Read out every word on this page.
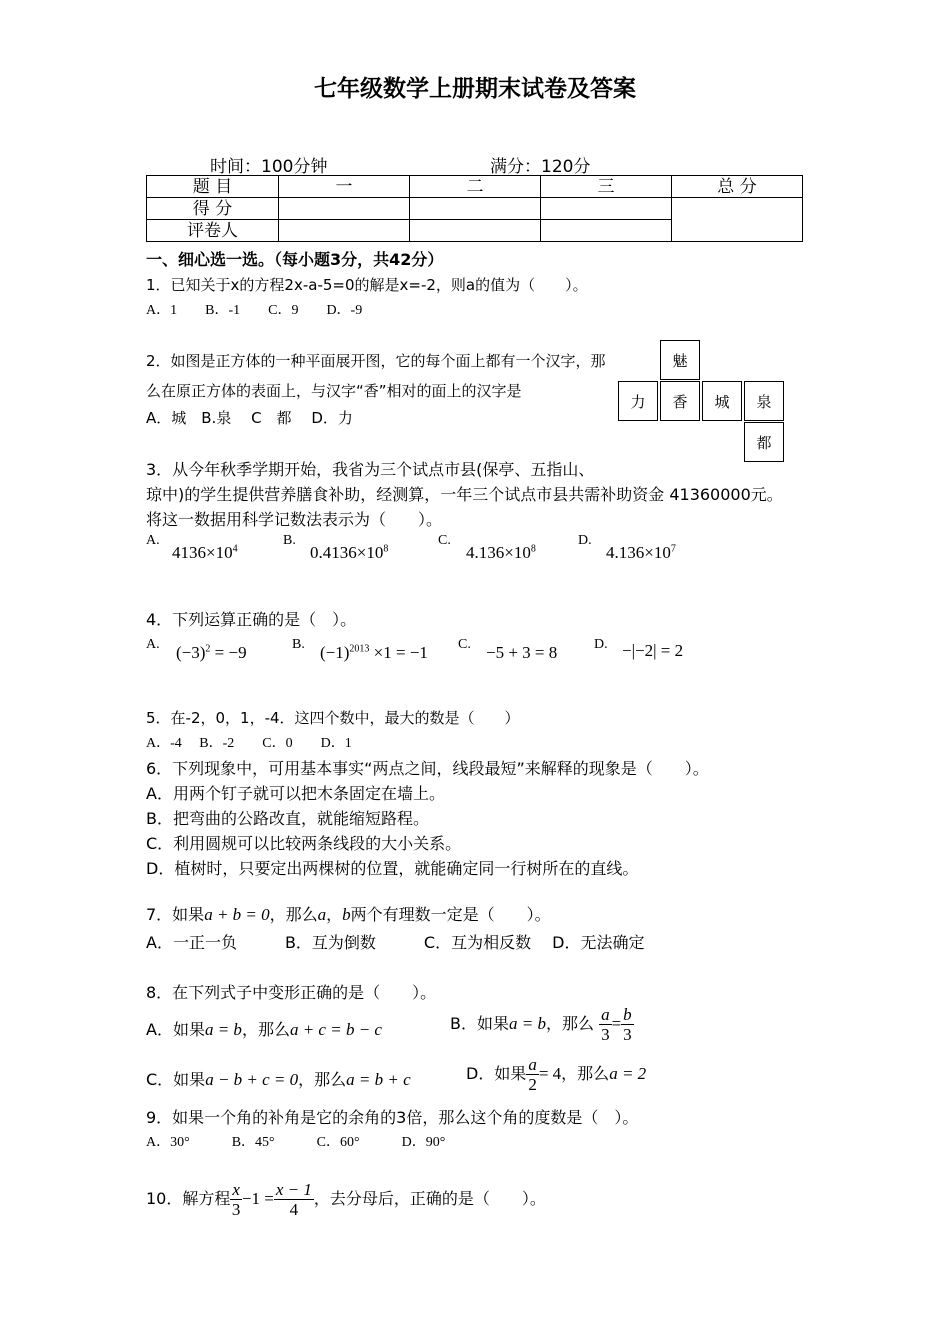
七年级数学上册期末试卷及答案
时间：100分钟	满分：120分
题 目	一	二	三	总 分
得 分				
评卷人				
一、细心选一选。（每小题3分，共42分）
1．已知关于x的方程2x-a-5=0的解是x=-2，则a的值为（　　）。
A．1　　B．-1　　C．9　　D．-9
2．如图是正方体的一种平面展开图，它的每个面上都有一个汉字，那
么在原正方体的表面上，与汉字“香”相对的面上的汉字是
A．城　B.泉　 C　都　 D．力
魅
力	香	城	泉
都
3．从今年秋季学期开始，我省为三个试点市县(保亭、五指山、
琼中)的学生提供营养膳食补助，经测算，一年三个试点市县共需补助资金 41360000元。
将这一数据用科学记数法表示为（　　）。
A.
$4136\times 10^4$
B.
$0.4136\times 10^8$
C.
$4.136\times 10^8$
D.
$4.136\times 10^7$
4．下列运算正确的是（　）。
A. $(-3)^2 = -9$	B. $(-1)^{2013} \times 1 = -1$ C. −5 + 3 = 8	D. −|−2| = 2
5．在-2，0，1，-4．这四个数中，最大的数是（　　）
A．-4　 B．-2　　C．0　　D．1
6．下列现象中，可用基本事实“两点之间，线段最短”来解释的现象是（　　）。
A．用两个钉子就可以把木条固定在墙上。
B．把弯曲的公路改直，就能缩短路程。
C．利用圆规可以比较两条线段的大小关系。
D．植树时，只要定出两棵树的位置，就能确定同一行树所在的直线。
7．如果a + b = 0，那么a，b两个有理数一定是（　　）。
A．一正一负　　　B．互为倒数　　　C．互为相反数　 D．无法确定
8．在下列式子中变形正确的是（　　）。
A．如果a = b，那么a + c = b − c	B．如果a = b，那么 $\frac{a}{3} = \frac{b}{3}$
C．如果a − b + c = 0，那么a = b + c	D．如果 $\frac{a}{2} = 4$，那么a = 2
9．如果一个角的补角是它的余角的3倍，那么这个角的度数是（　）。
A．30°　　　B．45°　　　C．60°　　　D．90°
10．解方程 $\frac{x}{3} -1 = \frac{x - 1}{4}$ ，去分母后，正确的是（　　）。
